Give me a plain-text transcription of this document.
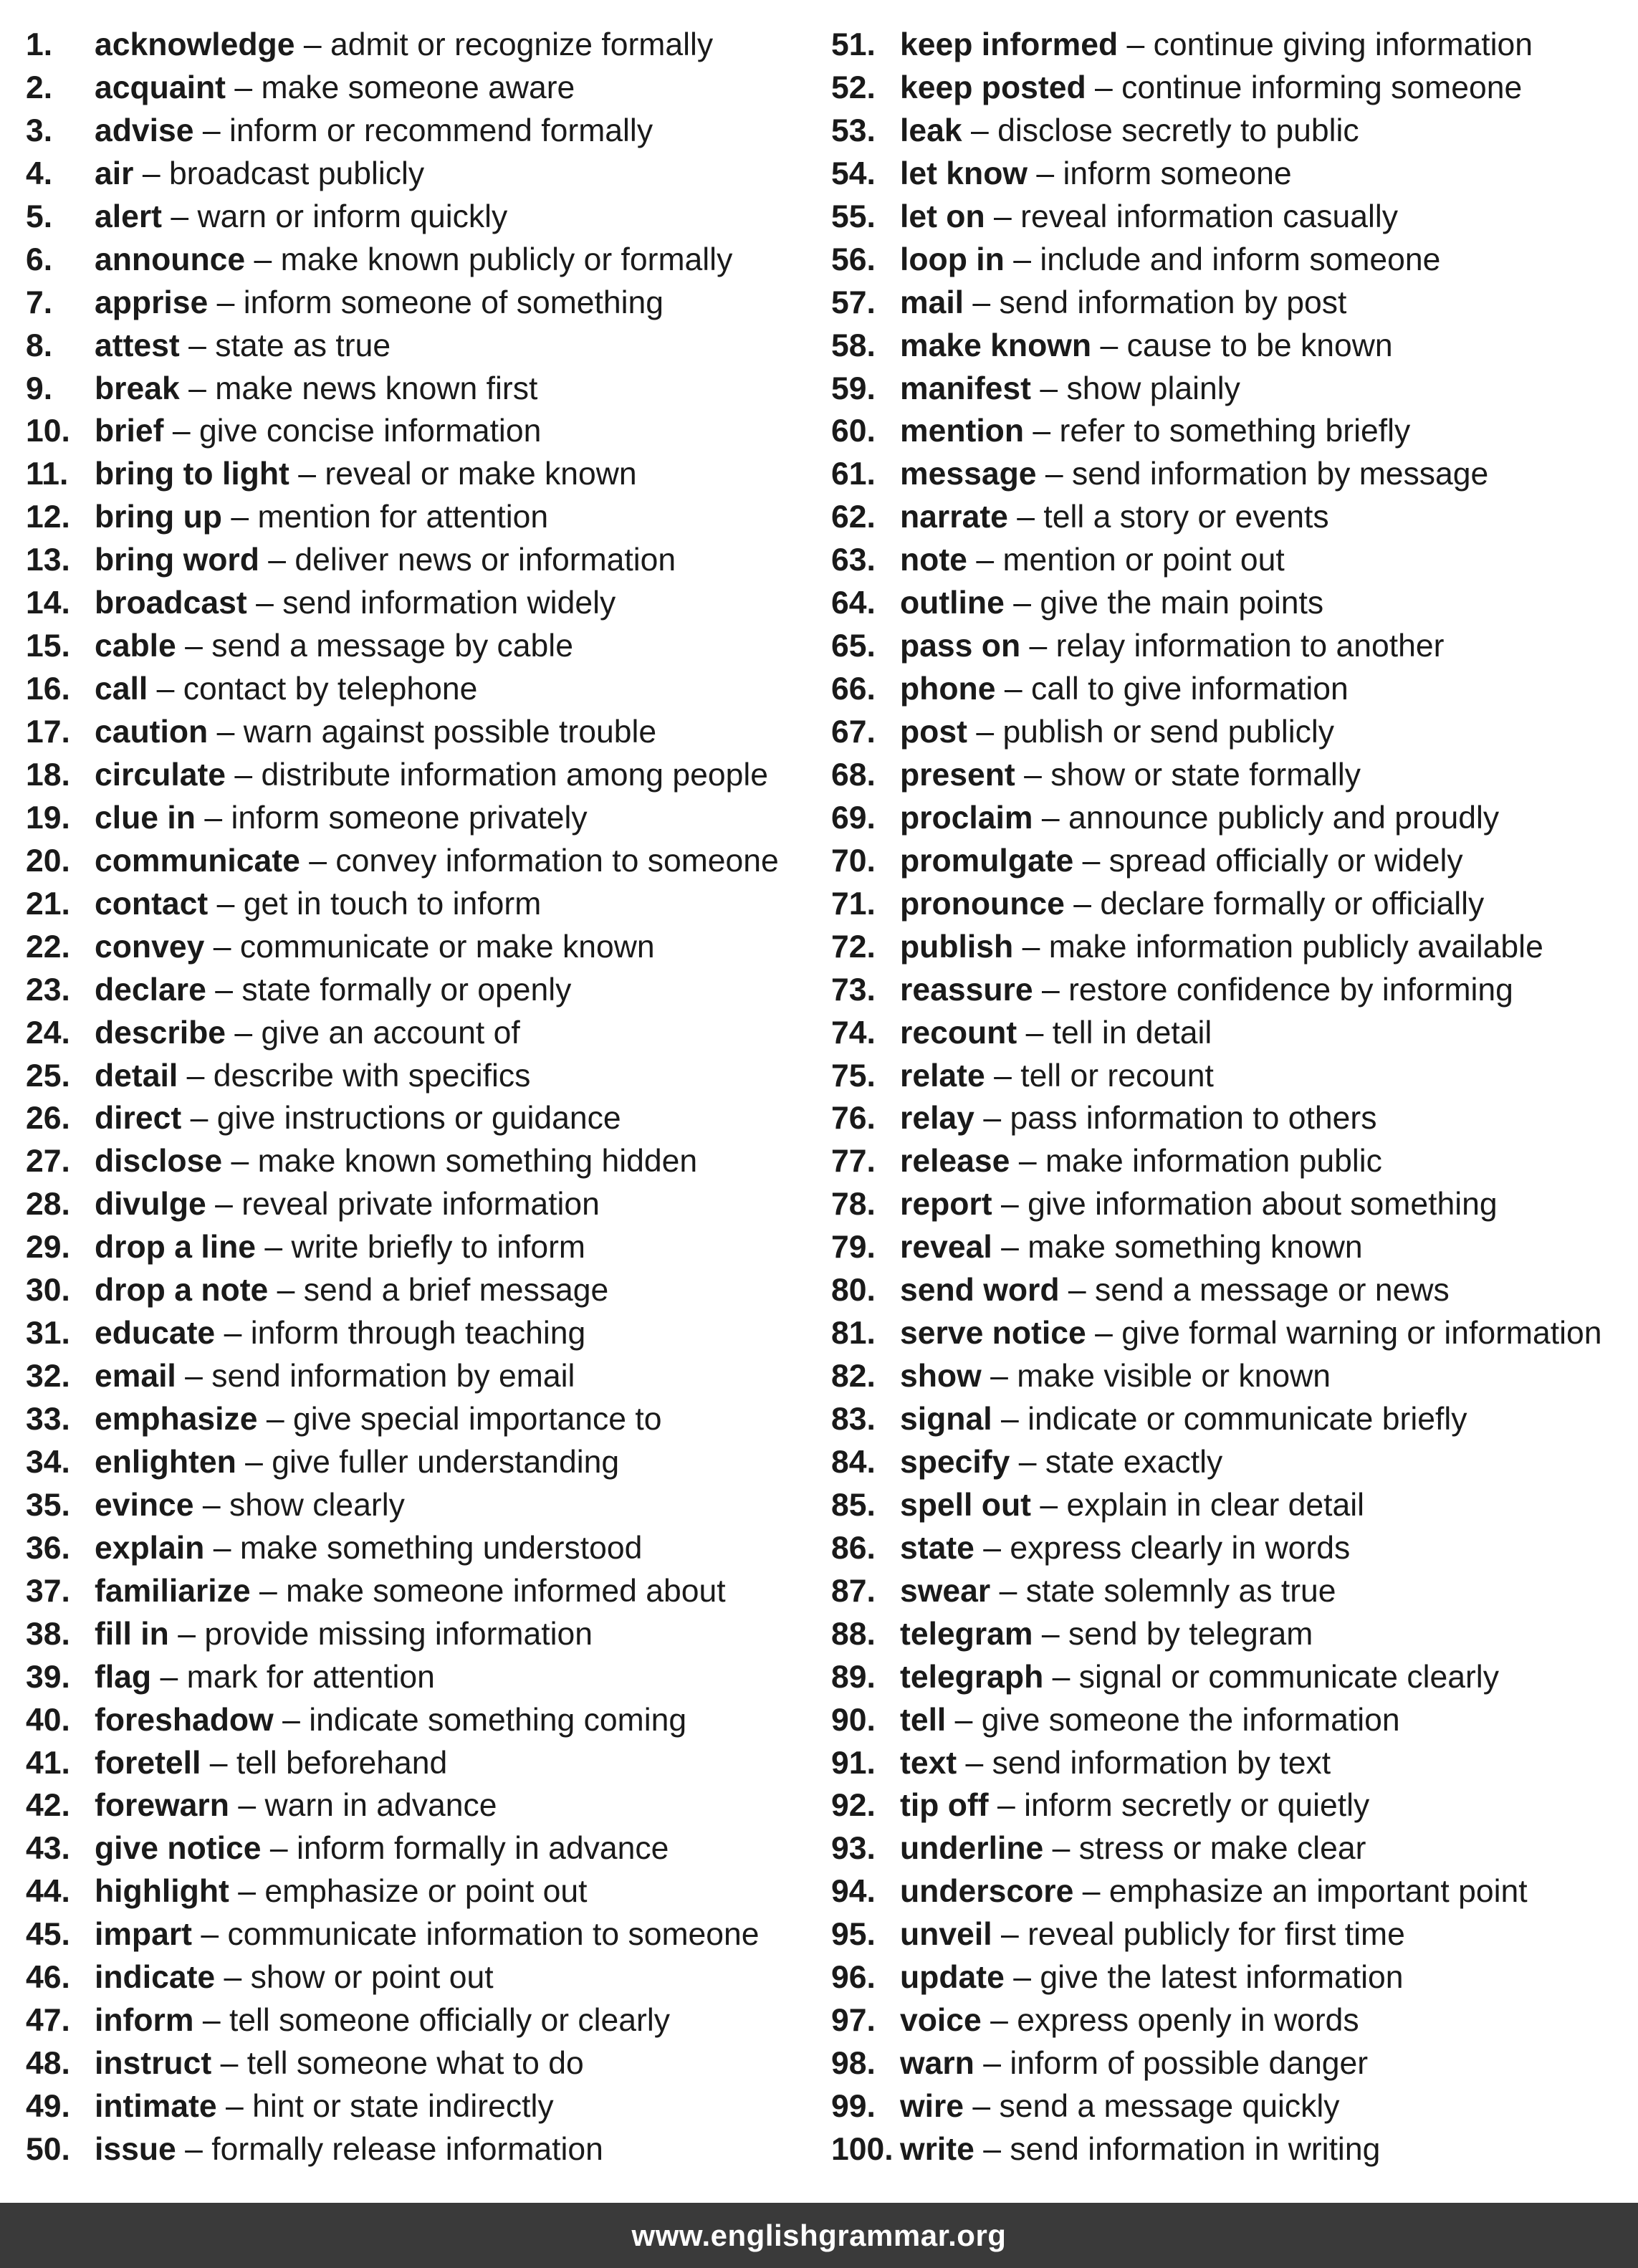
1.	acknowledge – admit or recognize formally
2.	acquaint – make someone aware
3.	advise – inform or recommend formally
4.	air – broadcast publicly
5.	alert – warn or inform quickly
6.	announce – make known publicly or formally
7.	apprise – inform someone of something
8.	attest – state as true
9.	break – make news known first
10. brief – give concise information
11. bring to light – reveal or make known
12. bring up – mention for attention
13. bring word – deliver news or information
14. broadcast – send information widely
15. cable – send a message by cable
16. call – contact by telephone
17. caution – warn against possible trouble
18. circulate – distribute information among people
19. clue in – inform someone privately
20. communicate – convey information to someone
21. contact – get in touch to inform
22. convey – communicate or make known
23. declare – state formally or openly
24. describe – give an account of
25. detail – describe with specifics
26. direct – give instructions or guidance
27. disclose – make known something hidden
28. divulge – reveal private information
29. drop a line – write briefly to inform
30. drop a note – send a brief message
31. educate – inform through teaching
32. email – send information by email
33. emphasize – give special importance to
34. enlighten – give fuller understanding
35. evince – show clearly
36. explain – make something understood
37. familiarize – make someone informed about
38. fill in – provide missing information
39. flag – mark for attention
40. foreshadow – indicate something coming
41. foretell – tell beforehand
42. forewarn – warn in advance
43. give notice – inform formally in advance
44. highlight – emphasize or point out
45. impart – communicate information to someone
46. indicate – show or point out
47. inform – tell someone officially or clearly
48. instruct – tell someone what to do
49. intimate – hint or state indirectly
50. issue – formally release information
51. keep informed – continue giving information
52. keep posted – continue informing someone
53. leak – disclose secretly to public
54. let know – inform someone
55. let on – reveal information casually
56. loop in – include and inform someone
57. mail – send information by post
58. make known – cause to be known
59. manifest – show plainly
60. mention – refer to something briefly
61. message – send information by message
62. narrate – tell a story or events
63. note – mention or point out
64. outline – give the main points
65. pass on – relay information to another
66. phone – call to give information
67. post – publish or send publicly
68. present – show or state formally
69. proclaim – announce publicly and proudly
70. promulgate – spread officially or widely
71. pronounce – declare formally or officially
72. publish – make information publicly available
73. reassure – restore confidence by informing
74. recount – tell in detail
75. relate – tell or recount
76. relay – pass information to others
77. release – make information public
78. report – give information about something
79. reveal – make something known
80. send word – send a message or news
81. serve notice – give formal warning or information
82. show – make visible or known
83. signal – indicate or communicate briefly
84. specify – state exactly
85. spell out – explain in clear detail
86. state – express clearly in words
87. swear – state solemnly as true
88. telegram – send by telegram
89. telegraph – signal or communicate clearly
90. tell – give someone the information
91. text – send information by text
92. tip off – inform secretly or quietly
93. underline – stress or make clear
94. underscore – emphasize an important point
95. unveil – reveal publicly for first time
96. update – give the latest information
97. voice – express openly in words
98. warn – inform of possible danger
99. wire – send a message quickly
100. write – send information in writing
www.englishgrammar.org
